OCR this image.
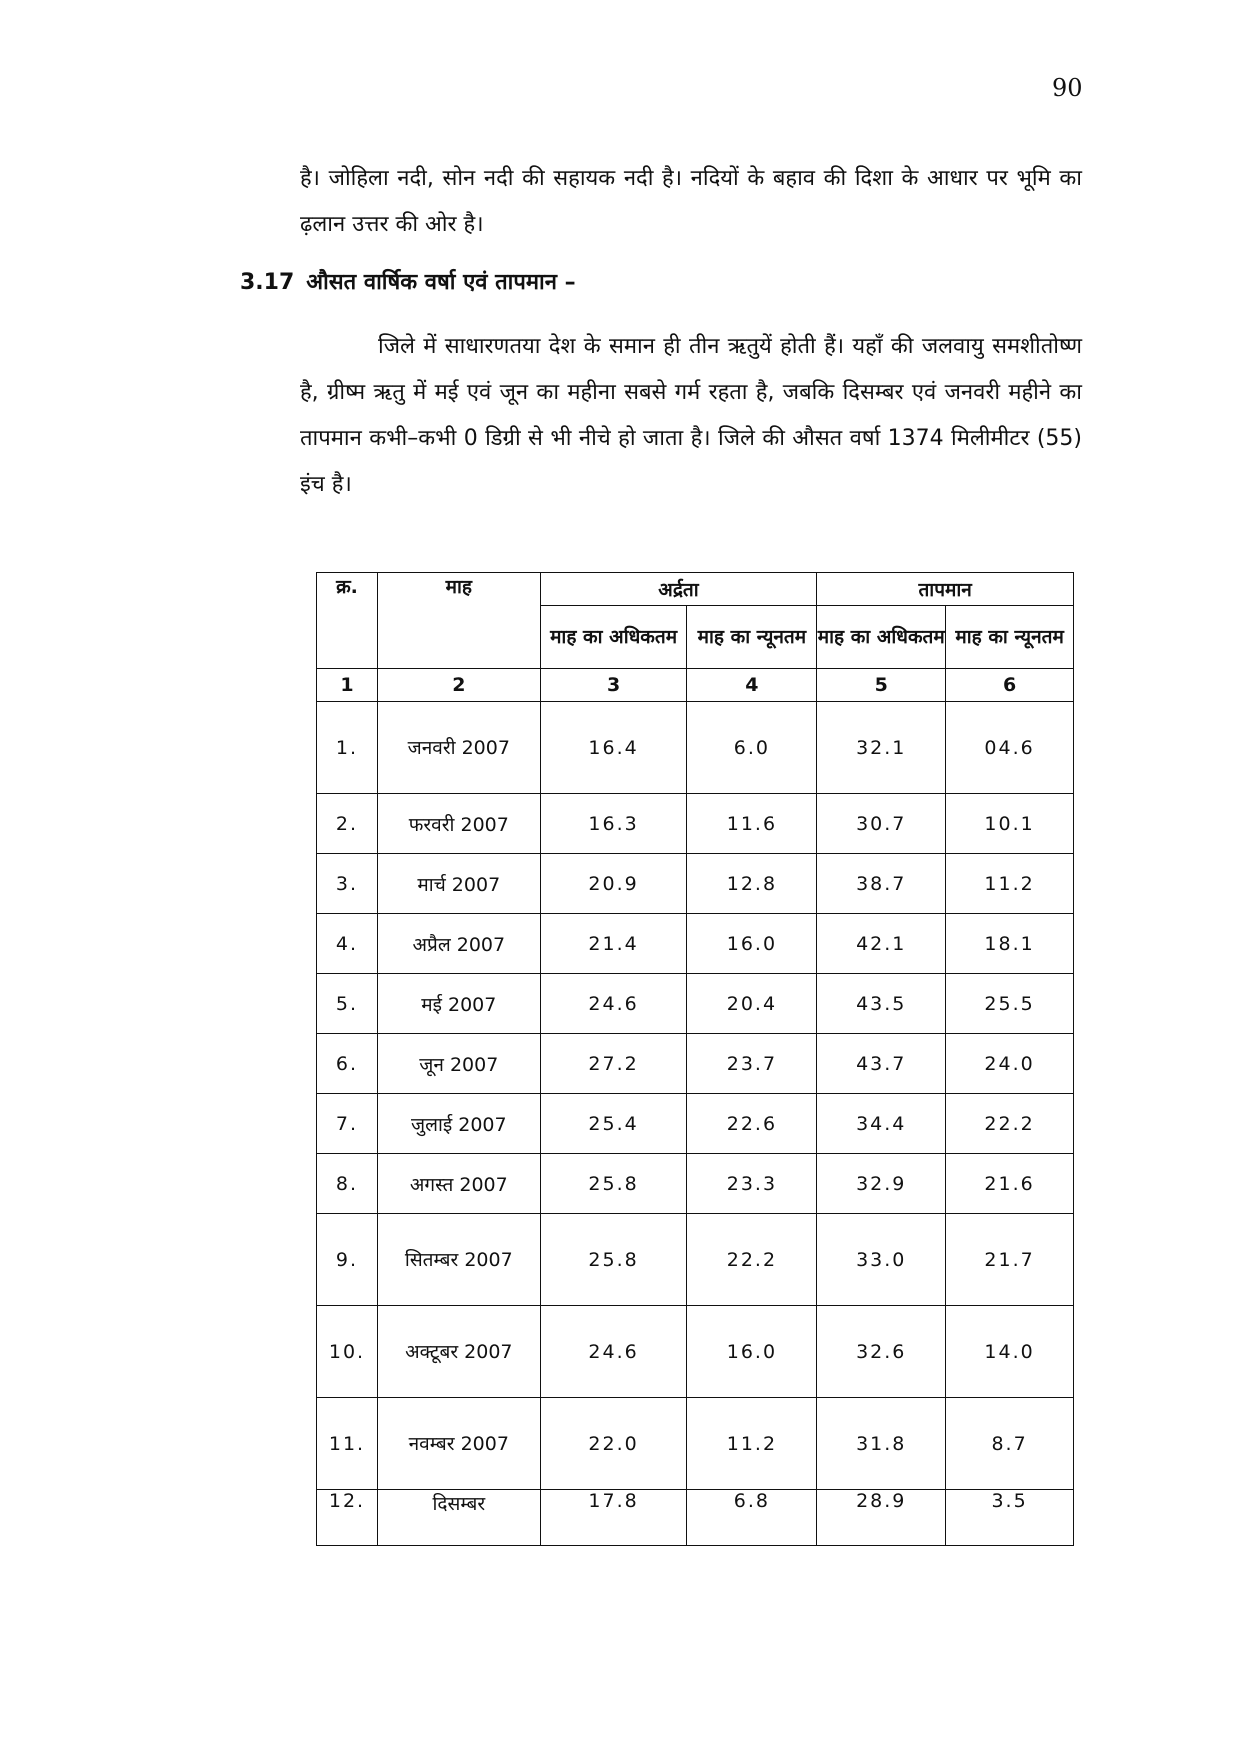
90

है। जोहिला नदी, सोन नदी की सहायक नदी है। नदियों के बहाव की दिशा के आधार पर भूमि का ढ़लान उत्तर की ओर है।

3.17 औसत वार्षिक वर्षा एवं तापमान –

जिले में साधारणतया देश के समान ही तीन ऋतुयें होती हैं। यहाँ की जलवायु समशीतोष्ण है, ग्रीष्म ऋतु में मई एवं जून का महीना सबसे गर्म रहता है, जबकि दिसम्बर एवं जनवरी महीने का तापमान कभी–कभी 0 डिग्री से भी नीचे हो जाता है। जिले की औसत वर्षा 1374 मिलीमीटर (55) इंच है।

क्र.	माह	अर्द्रता		तापमान	
		माह का अधिकतम	माह का न्यूनतम	माह का अधिकतम	माह का न्यूनतम
1	2	3	4	5	6
1.	जनवरी 2007	16.4	6.0	32.1	04.6
2.	फरवरी 2007	16.3	11.6	30.7	10.1
3.	मार्च 2007	20.9	12.8	38.7	11.2
4.	अप्रैल 2007	21.4	16.0	42.1	18.1
5.	मई 2007	24.6	20.4	43.5	25.5
6.	जून 2007	27.2	23.7	43.7	24.0
7.	जुलाई 2007	25.4	22.6	34.4	22.2
8.	अगस्त 2007	25.8	23.3	32.9	21.6
9.	सितम्बर 2007	25.8	22.2	33.0	21.7
10.	अक्टूबर 2007	24.6	16.0	32.6	14.0
11.	नवम्बर 2007	22.0	11.2	31.8	8.7
12.	दिसम्बर	17.8	6.8	28.9	3.5
